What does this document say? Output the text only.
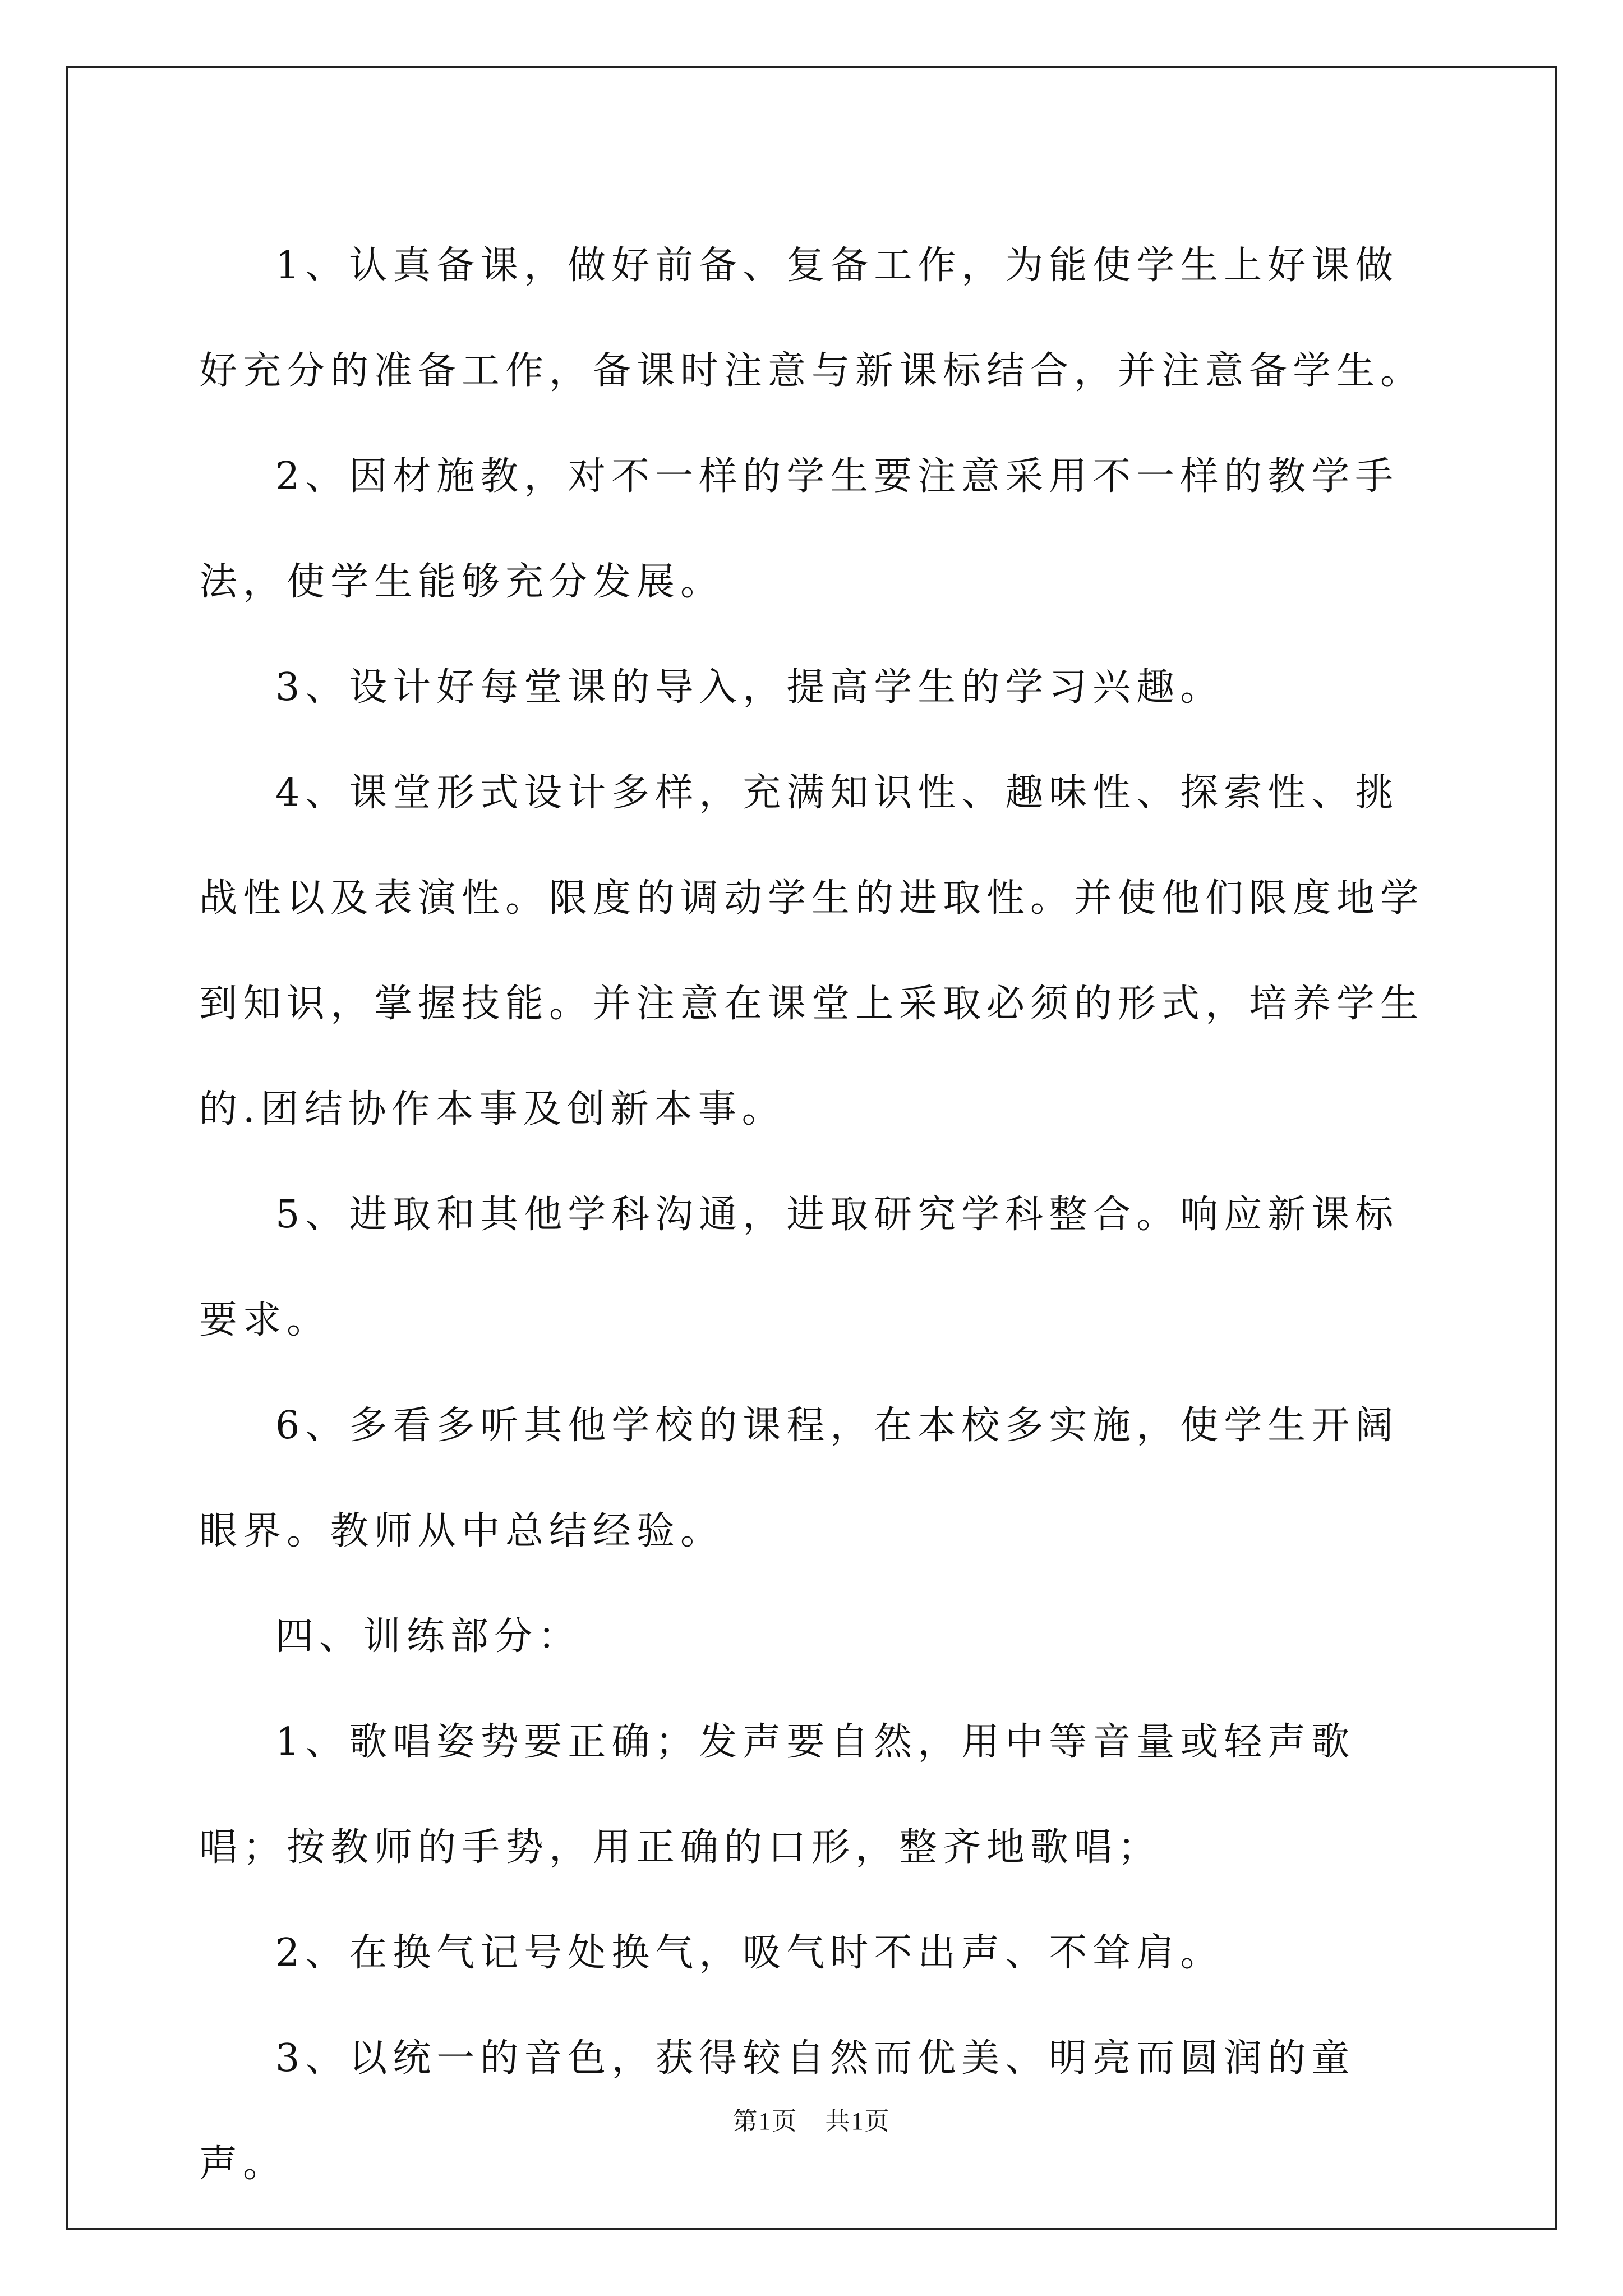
1、认真备课，做好前备、复备工作，为能使学生上好课做好充分的准备工作，备课时注意与新课标结合，并注意备学生。

2、因材施教，对不一样的学生要注意采用不一样的教学手法，使学生能够充分发展。

3、设计好每堂课的导入，提高学生的学习兴趣。

4、课堂形式设计多样，充满知识性、趣味性、探索性、挑战性以及表演性。限度的调动学生的进取性。并使他们限度地学到知识，掌握技能。并注意在课堂上采取必须的形式，培养学生的.团结协作本事及创新本事。

5、进取和其他学科沟通，进取研究学科整合。响应新课标要求。

6、多看多听其他学校的课程，在本校多实施，使学生开阔眼界。教师从中总结经验。

四、训练部分：

1、歌唱姿势要正确；发声要自然，用中等音量或轻声歌唱；按教师的手势，用正确的口形，整齐地歌唱；

2、在换气记号处换气，吸气时不出声、不耸肩。

3、以统一的音色，获得较自然而优美、明亮而圆润的童声。

第1页 共1页
